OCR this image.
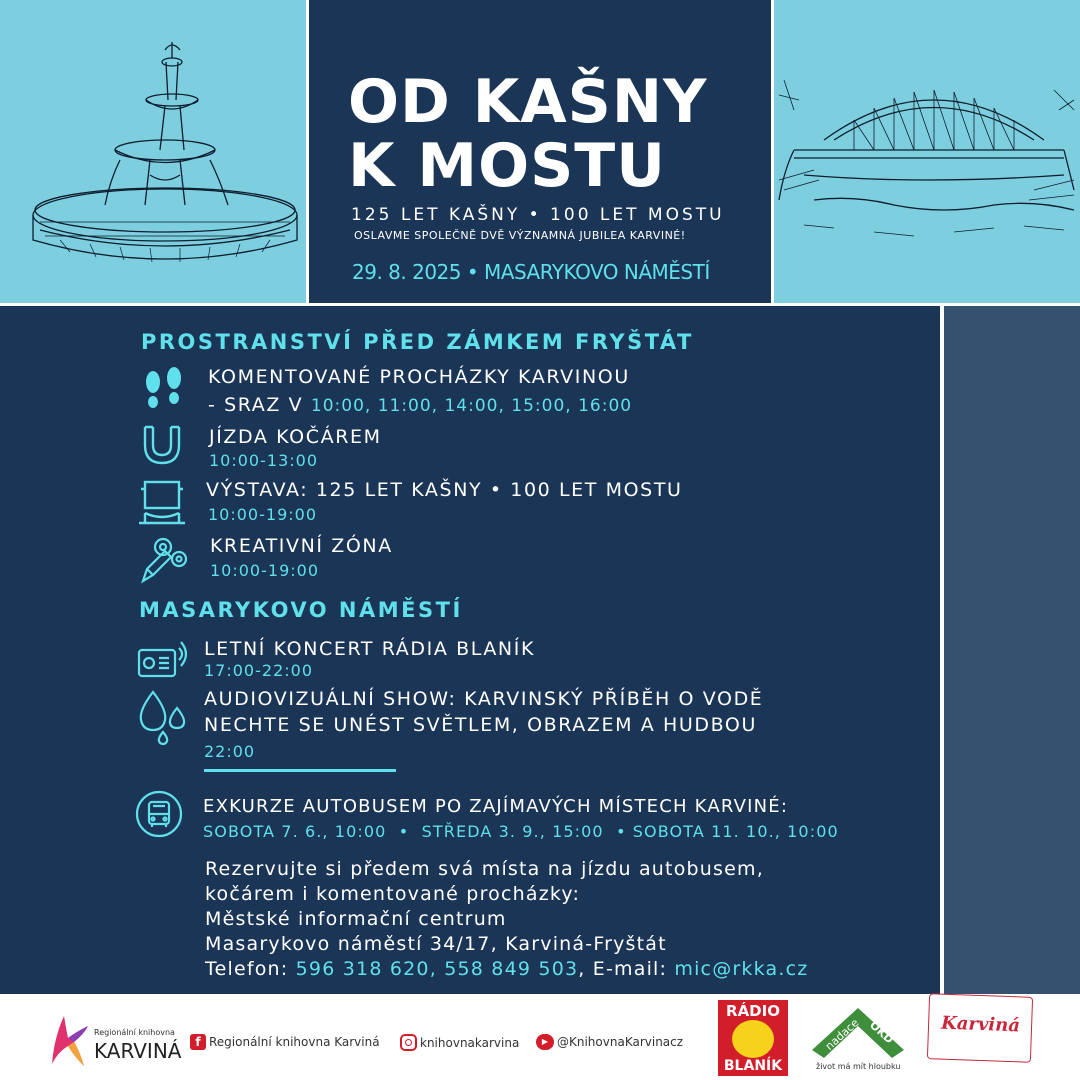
OD KAŠNY
K MOSTU
125 LET KAŠNY • 100 LET MOSTU
OSLAVME SPOLEČNĚ DVĚ VÝZNAMNÁ JUBILEA KARVINÉ!
29. 8. 2025 • MASARYKOVO NÁMĚSTÍ
PROSTRANSTVÍ PŘED ZÁMKEM FRYŠTÁT
KOMENTOVANÉ PROCHÁZKY KARVINOU
- SRAZ V 10:00, 11:00, 14:00, 15:00, 16:00
JÍZDA KOČÁREM
10:00-13:00
VÝSTAVA: 125 LET KAŠNY • 100 LET MOSTU
10:00-19:00
KREATIVNÍ ZÓNA
10:00-19:00
MASARYKOVO NÁMĚSTÍ
LETNÍ KONCERT RÁDIA BLANÍK
17:00-22:00
AUDIOVIZUÁLNÍ SHOW: KARVINSKÝ PŘÍBĚH O VODĚ
NECHTE SE UNÉST SVĚTLEM, OBRAZEM A HUDBOU
22:00
EXKURZE AUTOBUSEM PO ZAJÍMAVÝCH MÍSTECH KARVINÉ:
SOBOTA 7. 6., 10:00  •  STŘEDA 3. 9., 15:00  • SOBOTA 11. 10., 10:00
Rezervujte si předem svá místa na jízdu autobusem,
kočárem i komentované procházky:
Městské informační centrum
Masarykovo náměstí 34/17, Karviná-Fryštát
Telefon: 596 318 620, 558 849 503, E-mail: mic@rkka.cz
Regionální knihovna
KARVINÁ	f Regionální knihovna Karviná	knihovnakarvina	▶ @KnihovnaKarvinacz
RÁDIO
BLANÍK
nadace OKD
život má mít hloubku
Karviná
